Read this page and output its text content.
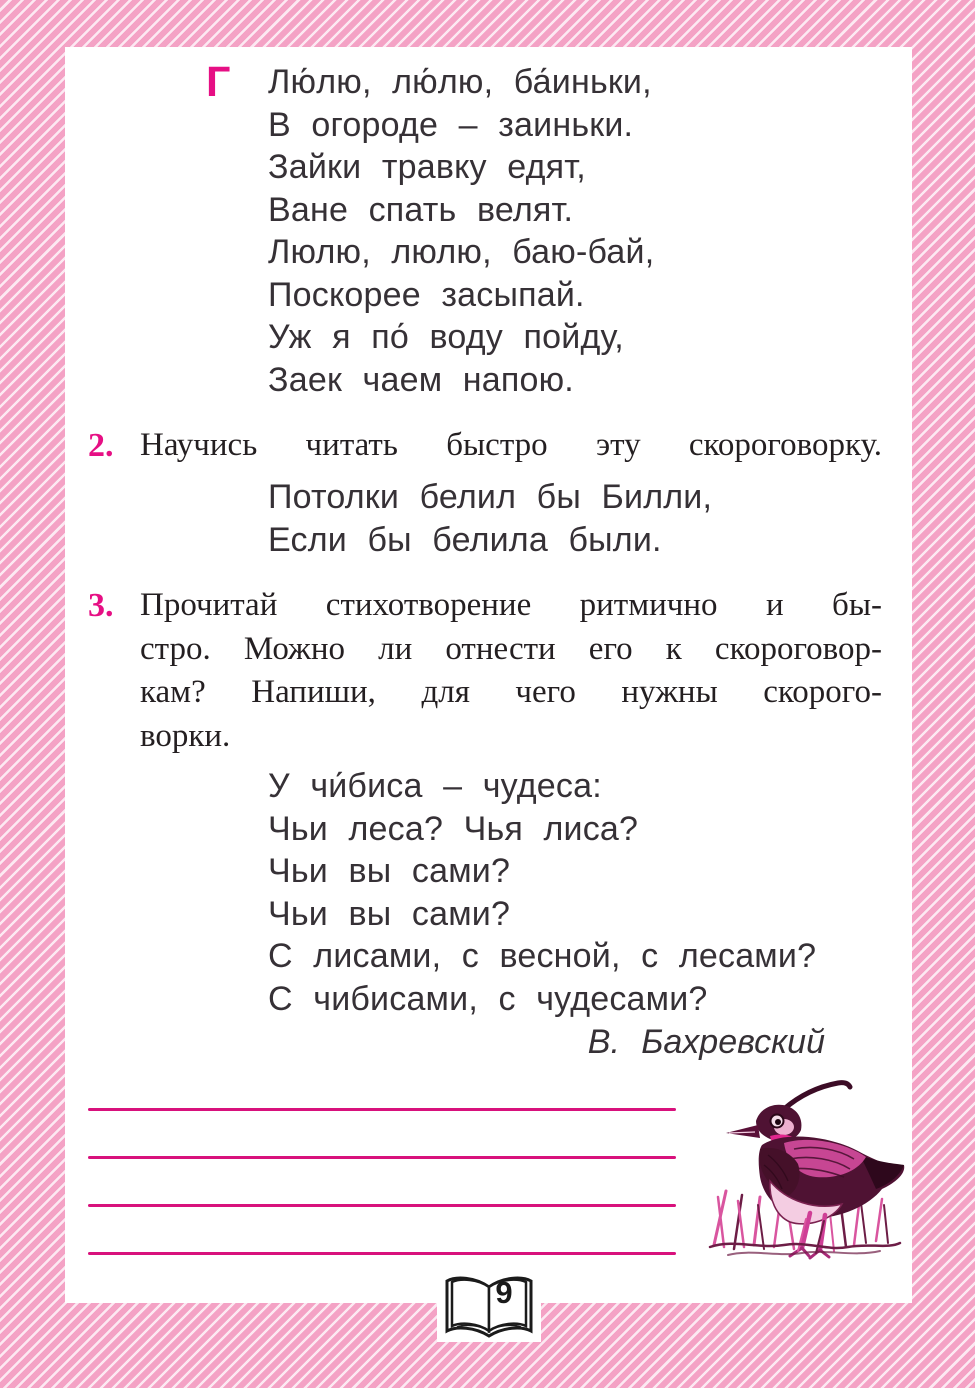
Г Лю́лю, лю́лю, ба́иньки,
В огороде – заиньки.
Зайки травку едят,
Ване спать велят.
Люлю, люлю, баю-бай,
Поскорее засыпай.
Уж я по́ воду пойду,
Заек чаем напою.
2. Научись читать быстро эту скороговорку.
Потолки белил бы Билли,
Если бы белила были.
3. Прочитай стихотворение ритмично и бы-
стро. Можно ли отнести его к скороговор-
кам? Напиши, для чего нужны скорого-
ворки.
У чи́биса – чудеса:
Чьи леса? Чья лиса?
Чьи вы сами?
Чьи вы сами?
С лисами, с весной, с лесами?
С чибисами, с чудесами?
В. Бахревский
9
